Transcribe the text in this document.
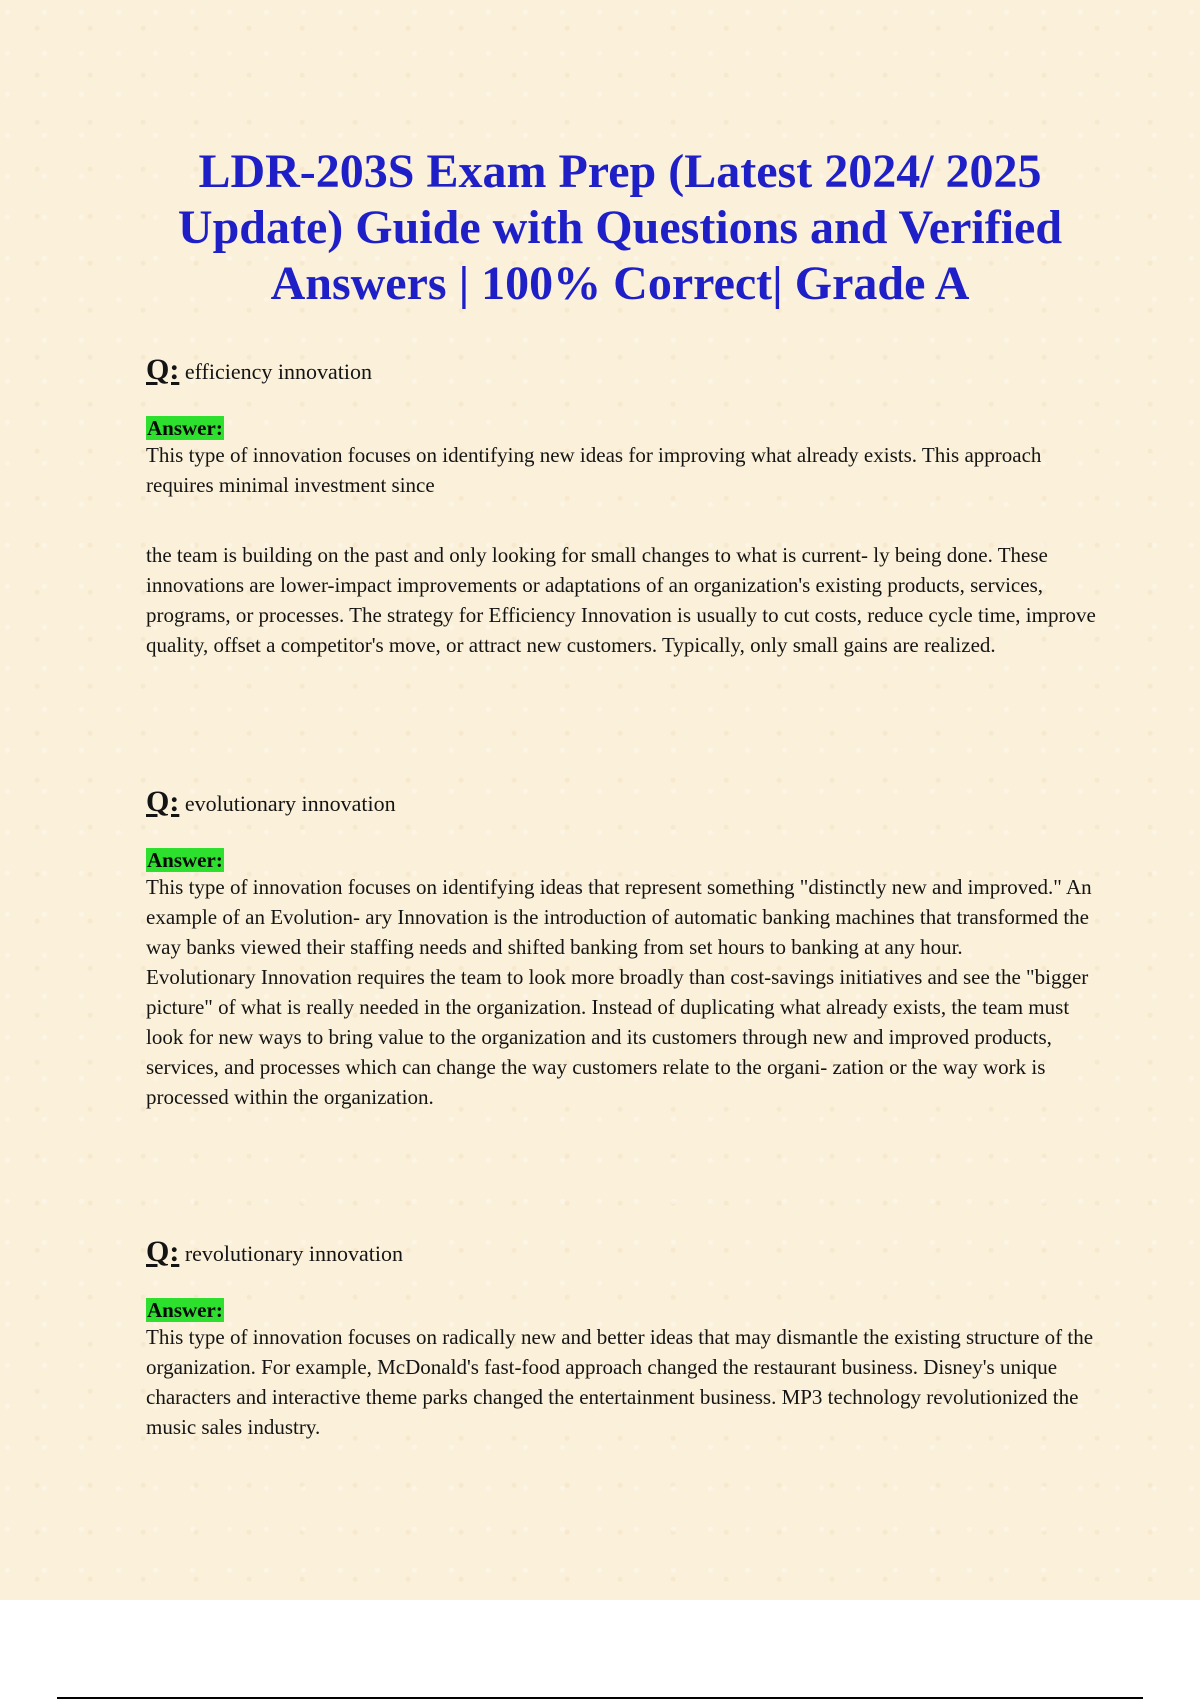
LDR-203S Exam Prep (Latest 2024/ 2025 Update) Guide with Questions and Verified Answers | 100% Correct| Grade A
Q: efficiency innovation
Answer:

This type of innovation focuses on identifying new ideas for improving what already exists. This approach requires minimal investment since

the team is building on the past and only looking for small changes to what is current- ly being done. These innovations are lower-impact improvements or adaptations of an organization's existing products, services, programs, or processes. The strategy for Efficiency Innovation is usually to cut costs, reduce cycle time, improve quality, offset a competitor's move, or attract new customers. Typically, only small gains are realized.

Q: evolutionary innovation
Answer:

This type of innovation focuses on identifying ideas that represent something "distinctly new and improved." An example of an Evolution- ary Innovation is the introduction of automatic banking machines that transformed the way banks viewed their staffing needs and shifted banking from set hours to banking at any hour.

Evolutionary Innovation requires the team to look more broadly than cost-savings initiatives and see the "bigger picture" of what is really needed in the organization. Instead of duplicating what already exists, the team must look for new ways to bring value to the organization and its customers through new and improved products, services, and processes which can change the way customers relate to the organi- zation or the way work is processed within the organization.

Q: revolutionary innovation
Answer:

This type of innovation focuses on radically new and better ideas that may dismantle the existing structure of the organization. For example, McDonald's fast-food approach changed the restaurant business. Disney's unique characters and interactive theme parks changed the entertainment business. MP3 technology revolutionized the music sales industry.
